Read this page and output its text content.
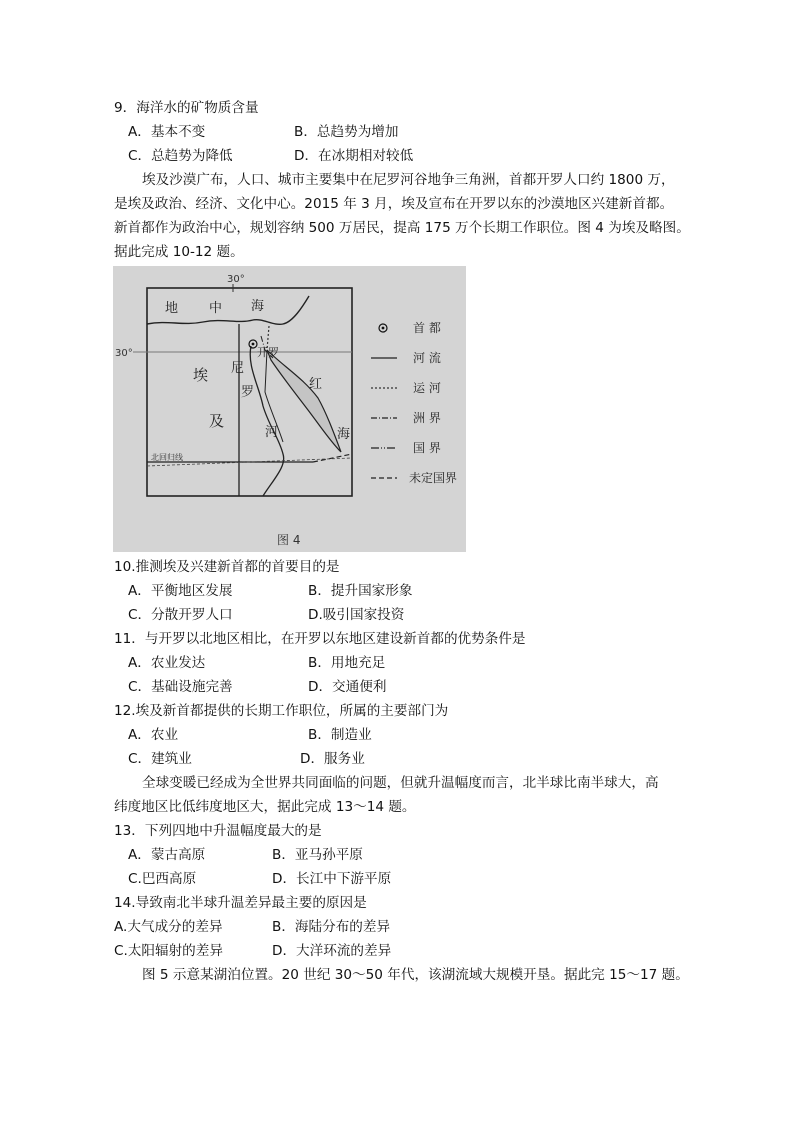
9．海洋水的矿物质含量
A．基本不变	B．总趋势为增加
C．总趋势为降低	D．在冰期相对较低
埃及沙漠广布，人口、城市主要集中在尼罗河谷地争三角洲，首都开罗人口约 1800 万，
是埃及政治、经济、文化中心。2015 年 3 月，埃及宣布在开罗以东的沙漠地区兴建新首都。
新首都作为政治中心，规划容纳 500 万居民，提高 175 万个长期工作职位。图 4 为埃及略图。
据此完成 10-12 题。
30°
30°
地 中 海
北回归线
开罗
埃
及
尼
罗
河
红
海
首 都
河 流
运 河
洲 界
国 界
未定国界
图 4
10.推测埃及兴建新首都的首要目的是
A．平衡地区发展	B．提升国家形象
C．分散开罗人口	D.吸引国家投资
11．与开罗以北地区相比，在开罗以东地区建设新首都的优势条件是
A．农业发达	B．用地充足
C．基础设施完善	D．交通便利
12.埃及新首都提供的长期工作职位，所属的主要部门为
A．农业	B．制造业
C．建筑业	D．服务业
全球变暖已经成为全世界共同面临的问题，但就升温幅度而言，北半球比南半球大，高
纬度地区比低纬度地区大，据此完成 13～14 题。
13．下列四地中升温幅度最大的是
A．蒙古高原	B．亚马孙平原
C.巴西高原	D．长江中下游平原
14.导致南北半球升温差异最主要的原因是
A.大气成分的差异	B．海陆分布的差异
C.太阳辐射的差异	D．大洋环流的差异
图 5 示意某湖泊位置。20 世纪 30～50 年代，该湖流域大规模开垦。据此完 15～17 题。
